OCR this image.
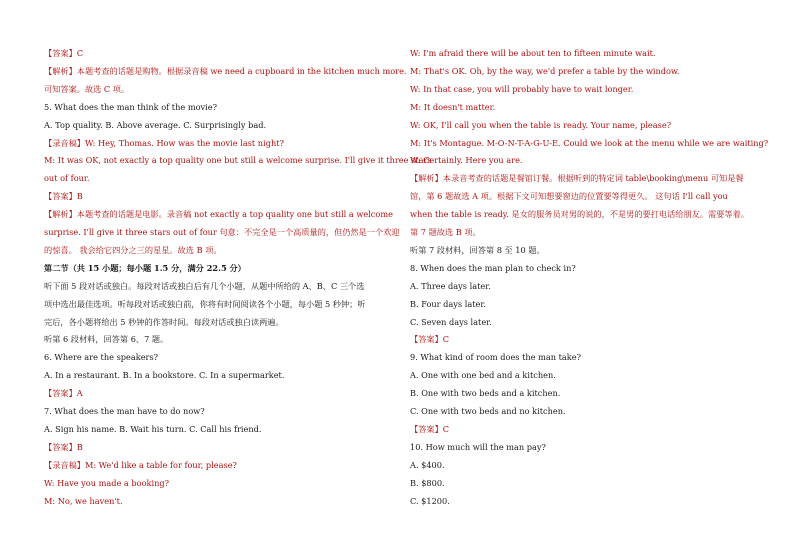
【答案】C
【解析】本题考查的话题是购物。根据录音稿 we need a cupboard in the kitchen much more.
可知答案。故选 C 项。
5. What does the man think of the movie?
A. Top quality. B. Above average. C. Surprisingly bad.
【录音稿】W: Hey, Thomas. How was the movie last night?
M: It was OK, not exactly a top quality one but still a welcome surprise. I'll give it three stars
out of four.
【答案】B
【解析】本题考查的话题是电影。录音稿 not exactly a top quality one but still a welcome
surprise. I'll give it three stars out of four 句意：不完全是一个高质量的，但仍然是一个欢迎
的惊喜。 我会给它四分之三的星星。故选 B 项。
第二节（共 15 小题；每小题 1.5 分，满分 22.5 分）
听下面 5 段对话或独白。每段对话或独白后有几个小题，从题中所给的 A、B、C 三个选
项中选出最佳选项。听每段对话或独白前，你将有时间阅读各个小题，每小题 5 秒钟；听
完后，各小题将给出 5 秒钟的作答时间。每段对话或独白读两遍。
听第 6 段材料，回答第 6、7 题。
6. Where are the speakers?
A. In a restaurant. B. In a bookstore. C. In a supermarket.
【答案】A
7. What does the man have to do now?
A. Sign his name. B. Wait his turn. C. Call his friend.
【答案】B
【录音稿】M: We'd like a table for four, please?
W: Have you made a booking?
M: No, we haven't.
W: I'm afraid there will be about ten to fifteen minute wait.
M: That's OK. Oh, by the way, we'd prefer a table by the window.
W: In that case, you will probably have to wait longer.
M: It doesn't matter.
W: OK, I'll call you when the table is ready. Your name, please?
M: It's Montague. M-O-N-T-A-G-U-E. Could we look at the menu while we are waiting?
W: Certainly. Here you are.
【解析】本录音考查的话题是餐馆订餐。根据听到的特定词 table\booking\menu 可知是餐
馆，第 6 题故选 A 项。根据下文可知想要窗边的位置要等得更久。 这句话 I'll call you
when the table is ready. 是女的服务员对男的说的，不是男的要打电话给朋友。需要等着。
第 7 题故选 B 项。
听第 7 段材料，回答第 8 至 10 题。
8. When does the man plan to check in?
A. Three days later.
B. Four days later.
C. Seven days later.
【答案】C
9. What kind of room does the man take?
A. One with one bed and a kitchen.
B. One with two beds and a kitchen.
C. One with two beds and no kitchen.
【答案】C
10. How much will the man pay?
A. $400.
B. $800.
C. $1200.
